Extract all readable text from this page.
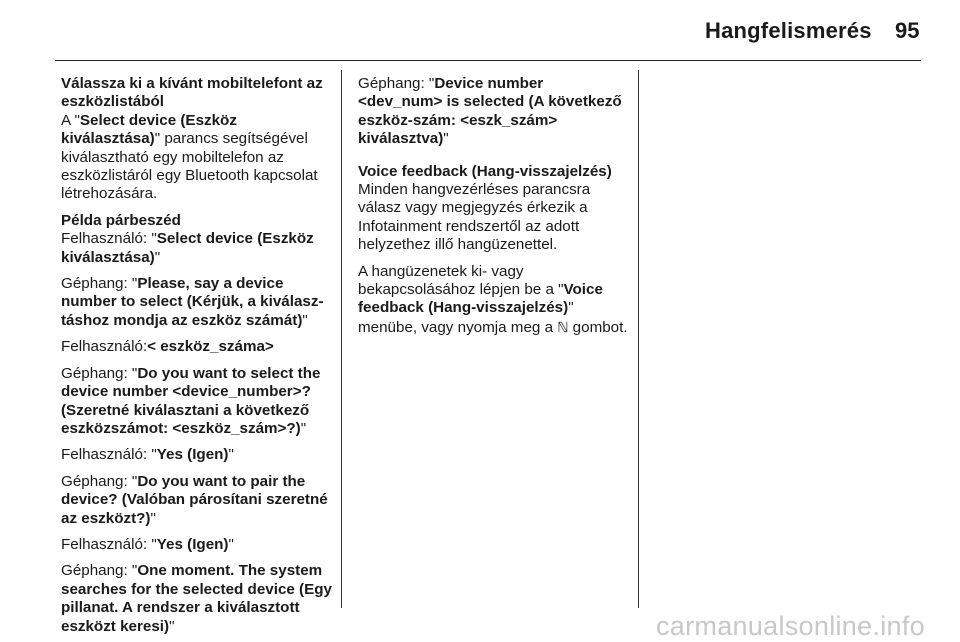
Hangfelismerés 95

Válassza ki a kívánt mobiltelefont az eszközlistából

A "Select device (Eszköz kiválasztása)" parancs segítségével kiválasztható egy mobiltelefon az eszközlistáról egy Bluetooth kapcsolat létrehozására.

Példa párbeszéd

Felhasználó: "Select device (Eszköz kiválasztása)"

Géphang: "Please, say a device number to select (Kérjük, a kiválasz‐ táshoz mondja az eszköz számát)"

Felhasználó:< eszköz_száma>

Géphang: "Do you want to select the device number <device_number>? (Szeretné kiválasztani a következő eszközszámot: <eszköz_szám>?)"

Felhasználó: "Yes (Igen)"

Géphang: "Do you want to pair the device? (Valóban párosítani szeretné az eszközt?)"

Felhasználó: "Yes (Igen)"

Géphang: "One moment. The system searches for the selected device (Egy pillanat. A rendszer a kiválasztott eszközt keresi)"

Géphang: "Device number <dev_num> is selected (A következő eszköz-szám: <eszk_szám> kiválasztva)"

Voice feedback (Hang-visszajelzés)

Minden hangvezérléses parancsra válasz vagy megjegyzés érkezik a Infotainment rendszertől az adott helyzethez illő hangüzenettel.

A hangüzenetek ki- vagy bekapcsolásához lépjen be a "Voice feedback (Hang-visszajelzés)" menübe, vagy nyomja meg a ℕ gombot.

carmanualsonline.info
